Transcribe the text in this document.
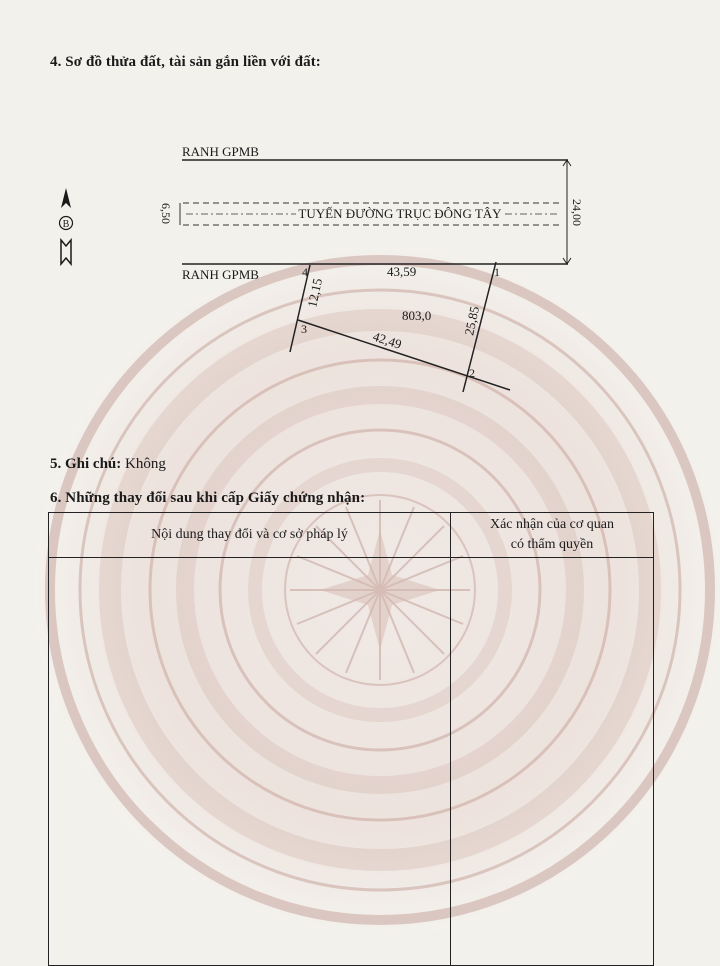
4. Sơ đồ thửa đất, tài sản gắn liền với đất:
B
RANH GPMB
RANH GPMB
24,00
TUYẾN ĐƯỜNG TRỤC ĐÔNG TÂY
6,50
4	1
3
2
43,59
12,15
25,85
42,49
803,0
5. Ghi chú: Không
6. Những thay đổi sau khi cấp Giấy chứng nhận:
Nội dung thay đổi và cơ sở pháp lý	Xác nhận của cơ quan
có thẩm quyền
